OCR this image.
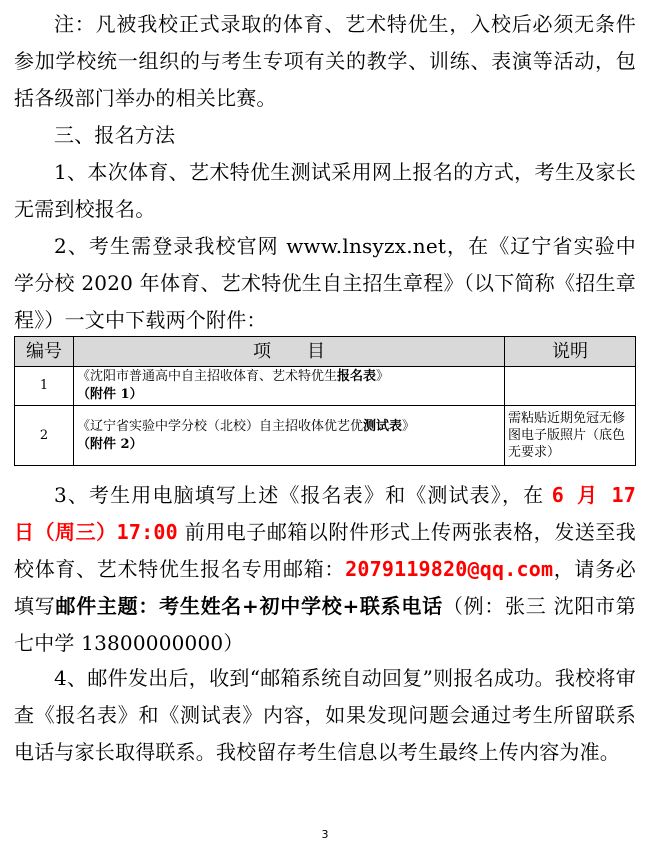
注：凡被我校正式录取的体育、艺术特优生，入校后必须无条件参加学校统一组织的与考生专项有关的教学、训练、表演等活动，包括各级部门举办的相关比赛。

三、报名方法

1、本次体育、艺术特优生测试采用网上报名的方式，考生及家长无需到校报名。

2、考生需登录我校官网 www.lnsyzx.net，在《辽宁省实验中学分校 2020 年体育、艺术特优生自主招生章程》（以下简称《招生章程》）一文中下载两个附件：

编号	项　　目	说明
1	《沈阳市普通高中自主招收体育、艺术特优生报名表》
（附件 1）	
2	《辽宁省实验中学分校（北校）自主招收体优艺优测试表》
（附件 2）	需粘贴近期免冠无修图电子版照片（底色无要求）

3、考生用电脑填写上述《报名表》和《测试表》，在 6 月 17 日（周三）17:00 前用电子邮箱以附件形式上传两张表格，发送至我校体育、艺术特优生报名专用邮箱：2079119820@qq.com，请务必填写邮件主题：考生姓名+初中学校+联系电话（例：张三 沈阳市第七中学 13800000000）

4、邮件发出后，收到“邮箱系统自动回复”则报名成功。我校将审查《报名表》和《测试表》内容，如果发现问题会通过考生所留联系电话与家长取得联系。我校留存考生信息以考生最终上传内容为准。

3
